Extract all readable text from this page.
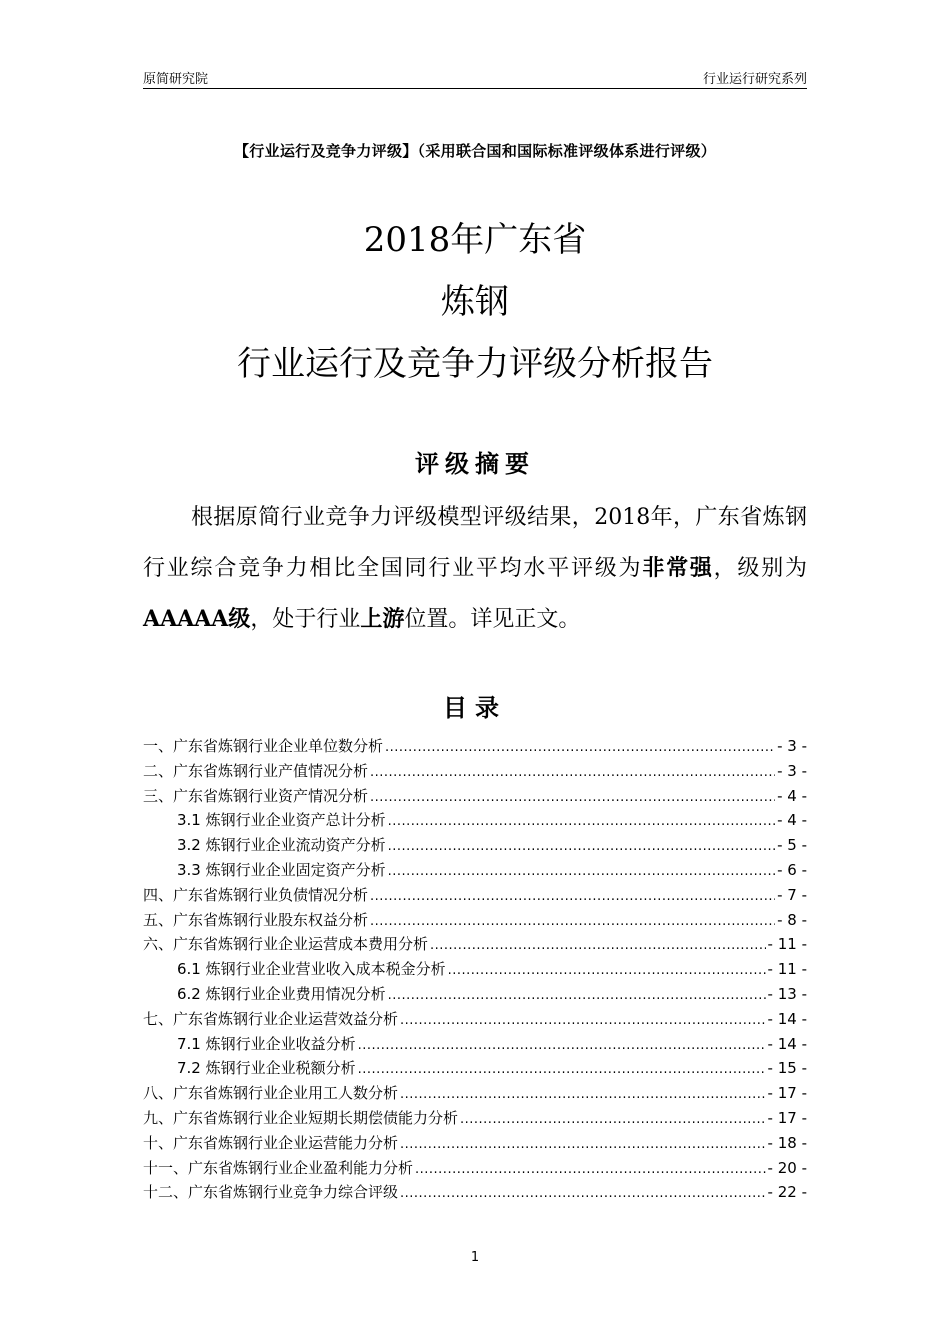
原简研究院	行业运行研究系列
【行业运行及竞争力评级】（采用联合国和国际标准评级体系进行评级）
2018年广东省
炼钢
行业运行及竞争力评级分析报告
评级摘要
根据原简行业竞争力评级模型评级结果，2018年，广东省炼钢行业综合竞争力相比全国同行业平均水平评级为非常强，级别为AAAAA级，处于行业上游位置。详见正文。
目录
一、广东省炼钢行业企业单位数分析 .....	- 3 -
二、广东省炼钢行业产值情况分析 .....	- 3 -
三、广东省炼钢行业资产情况分析 .....	- 4 -
3.1 炼钢行业企业资产总计分析 .....	- 4 -
3.2 炼钢行业企业流动资产分析 .....	- 5 -
3.3 炼钢行业企业固定资产分析 .....	- 6 -
四、广东省炼钢行业负债情况分析 .....	- 7 -
五、广东省炼钢行业股东权益分析 .....	- 8 -
六、广东省炼钢行业企业运营成本费用分析 .....	- 11 -
6.1 炼钢行业企业营业收入成本税金分析 .....	- 11 -
6.2 炼钢行业企业费用情况分析 .....	- 13 -
七、广东省炼钢行业企业运营效益分析 .....	- 14 -
7.1 炼钢行业企业收益分析 .....	- 14 -
7.2 炼钢行业企业税额分析 .....	- 15 -
八、广东省炼钢行业企业用工人数分析 .....	- 17 -
九、广东省炼钢行业企业短期长期偿债能力分析 .....	- 17 -
十、广东省炼钢行业企业运营能力分析 .....	- 18 -
十一、广东省炼钢行业企业盈利能力分析 .....	- 20 -
十二、广东省炼钢行业竞争力综合评级 .....	- 22 -
1
